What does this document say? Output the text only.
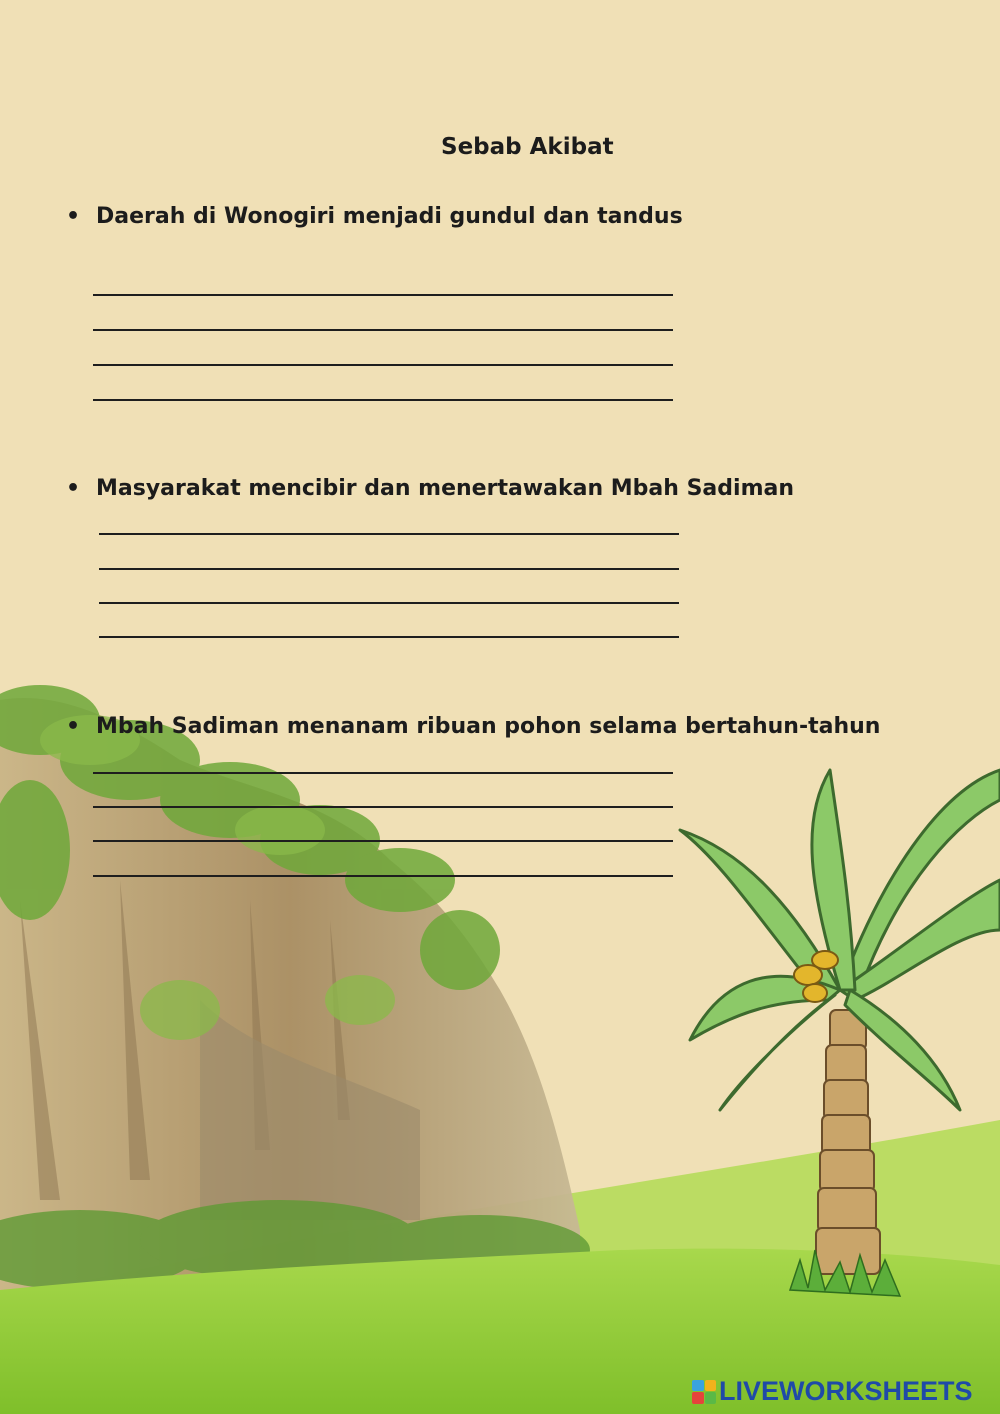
Sebab Akibat
• Daerah di Wonogiri menjadi gundul dan tandus
• Masyarakat mencibir dan menertawakan Mbah Sadiman
• Mbah Sadiman menanam ribuan pohon selama bertahun-tahun
LIVEWORKSHEETS
